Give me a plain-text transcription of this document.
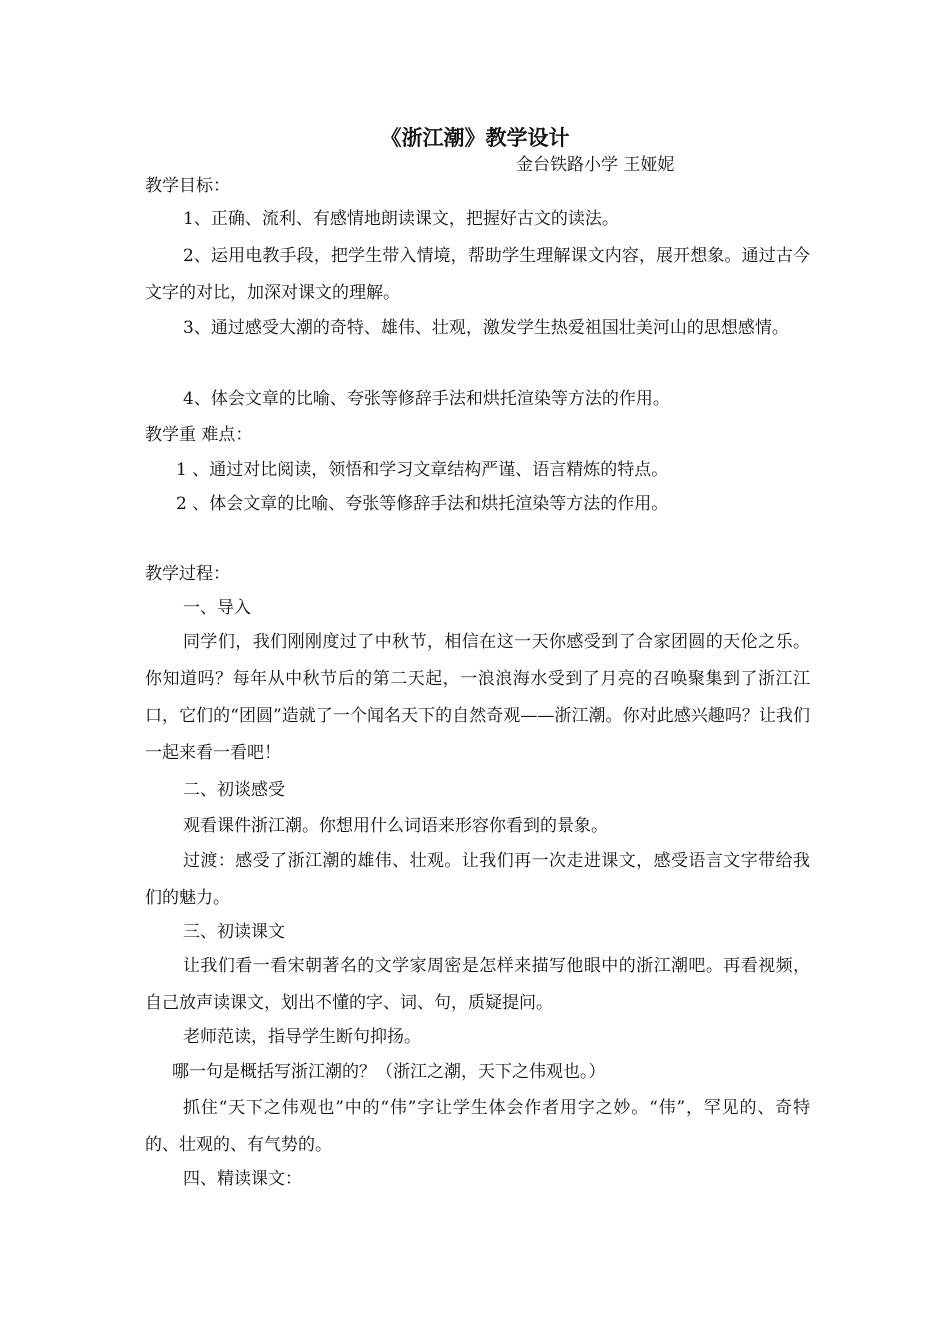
《浙江潮》教学设计
金台铁路小学 王娅妮
教学目标：
1、正确、流利、有感情地朗读课文，把握好古文的读法。
2、运用电教手段，把学生带入情境，帮助学生理解课文内容，展开想象。通过古今文字的对比，加深对课文的理解。
3、通过感受大潮的奇特、雄伟、壮观，激发学生热爱祖国壮美河山的思想感情。
4、体会文章的比喻、夸张等修辞手法和烘托渲染等方法的作用。
教学重 难点：
1 、通过对比阅读，领悟和学习文章结构严谨、语言精炼的特点。
2 、体会文章的比喻、夸张等修辞手法和烘托渲染等方法的作用。
教学过程：
一、导入
同学们，我们刚刚度过了中秋节，相信在这一天你感受到了合家团圆的天伦之乐。你知道吗？每年从中秋节后的第二天起，一浪浪海水受到了月亮的召唤聚集到了浙江江口，它们的“团圆”造就了一个闻名天下的自然奇观——浙江潮。你对此感兴趣吗？让我们一起来看一看吧！
二、初谈感受
观看课件浙江潮。你想用什么词语来形容你看到的景象。
过渡：感受了浙江潮的雄伟、壮观。让我们再一次走进课文，感受语言文字带给我们的魅力。
三、初读课文
让我们看一看宋朝著名的文学家周密是怎样来描写他眼中的浙江潮吧。再看视频，自己放声读课文，划出不懂的字、词、句，质疑提问。
老师范读，指导学生断句抑扬。
哪一句是概括写浙江潮的？（浙江之潮，天下之伟观也。）
抓住“天下之伟观也”中的“伟”字让学生体会作者用字之妙。“伟”，罕见的、奇特的、壮观的、有气势的。
四、精读课文：
